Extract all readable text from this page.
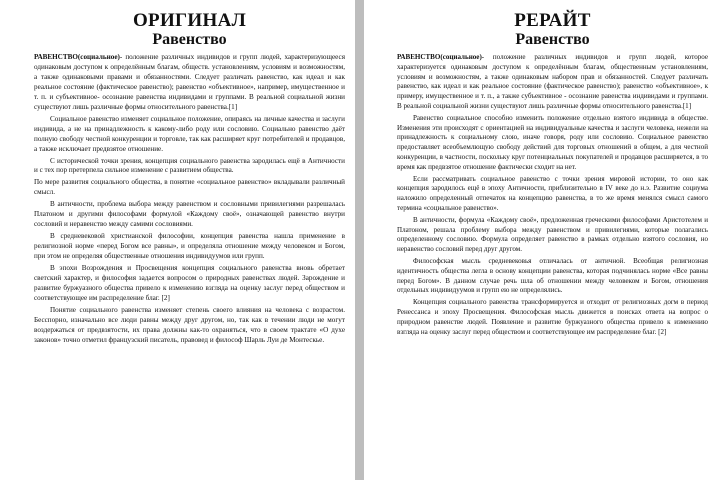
ОРИГИНАЛ
Равенство

РАВЕНСТВО(социальное)- положение различных индивидов и групп людей, характеризующееся одинаковым доступом к определённым благам, обществ. установлениям, условиям и возможностям, а также одинаковыми правами и обязанностями. Следует различать равенство, как идеал и как реальное состояние (фактическое равенство); равенство «объективное», например, имущественное и т. п. и субъективное- осознание равенства индивидами и группами. В реальной социальной жизни существуют лишь различные формы относительного равенства.[1]

Социальное равенство изменяет социальное положение, опираясь на личные качества и заслуги индивида, а не на принадлежность к какому-либо роду или сословию. Социально равенство даёт полную свободу честной конкуренции и торговле, так как расширяет круг потребителей и продавцов, а также исключает предвзятое отношение.

С исторической точки зрения, концепция социального равенства зародилась ещё в Античности и с тех пор претерпела сильное изменение с развитием общества.

По мере развития социального общества, в понятие «социальное равенство» вкладывали различный смысл.

В античности, проблема выбора между равенством и сословными привилегиями разрешалась Платоном и другими философами формулой «Каждому своё», означающей равенство внутри сословий и неравенство между самими сословиями.

В средневековой христианской философии, концепция равенства нашла применение в религиозной норме «перед Богом все равны», и определяла отношение между человеком и Богом, при этом не определяя общественные отношения индивидуумов или групп.

В эпохи Возрождения и Просвещения концепция социального равенства вновь обретает светский характер, и философия задается вопросом о природных равенствах людей. Зарождение и развитие буржуазного общества привело к изменению взгляда на оценку заслуг перед обществом и соответствующее им распределение благ. [2]

Понятие социального равенства изменяет степень своего влияния на человека с возрастом. Бесспорно, изначально все люди равны между друг другом, но, так как в течении люди не могут воздержаться от предвзятости, их права должны как-то охраняться, что в своем трактате «О духе законов» точно отметил французский писатель, правовед и философ Шарль Луи де Монтескье.

РЕРАЙТ
Равенство

РАВЕНСТВО(социальное)- положение различных индивидов и групп людей, которое характеризуется одинаковым доступом к определённым благам, общественным установлениям, условиям и возможностям, а также одинаковым набором прав и обязанностей. Следует различать равенство, как идеал и как реальное состояние (фактическое равенство); равенство «объективное», к примеру, имущественное и т. п., а также субъективное - осознание равенства индивидами и группами. В реальной социальной жизни существуют лишь различные формы относительного равенства.[1]

Равенство социальное способно изменить положение отдельно взятого индивида в обществе. Изменения эти происходят с ориентацией на индивидуальные качества и заслуги человека, нежели на принадлежность к социальному слою, иначе говоря, роду или сословию. Социальное равенство предоставляет всеобъемлющую свободу действий для торговых отношений в общем, а для честной конкуренции, в частности, поскольку круг потенциальных покупателей и продавцов расширяется, в то время как предвзятое отношение фактически сходит на нет.

Если рассматривать социальное равенство с точки зрения мировой истории, то оно как концепция зародилось ещё в эпоху Античности, приблизительно в IV веке до н.э. Развитие социума наложило определенный отпечаток на концепцию равенства, в то же время менялся смысл самого термина «социальное равенство».

В античности, формула «Каждому своё», предложенная греческими философами Аристотелем и Платоном, решала проблему выбора между равенством и привилегиями, которые полагались определенному сословию. Формула определяет равенство в рамках отдельно взятого сословия, но неравенство сословий перед друг другом.

Философская мысль средневековья отличалась от античной. Всеобщая религиозная идентичность общества легла в основу концепции равенства, которая подчинялась норме «Все равны перед Богом». В данном случае речь шла об отношении между человеком и Богом, отношения отдельных индивидуумов и групп ею не определялись.

Концепция социального равенства трансформируется и отходит от религиозных догм в период Ренессанса и эпоху Просвещения. Философская мысль движется в поисках ответа на вопрос о природном равенстве людей. Появление и развитие буржуазного общества привело к изменению взгляда на оценку заслуг перед обществом и соответствующее им распределение благ. [2]
